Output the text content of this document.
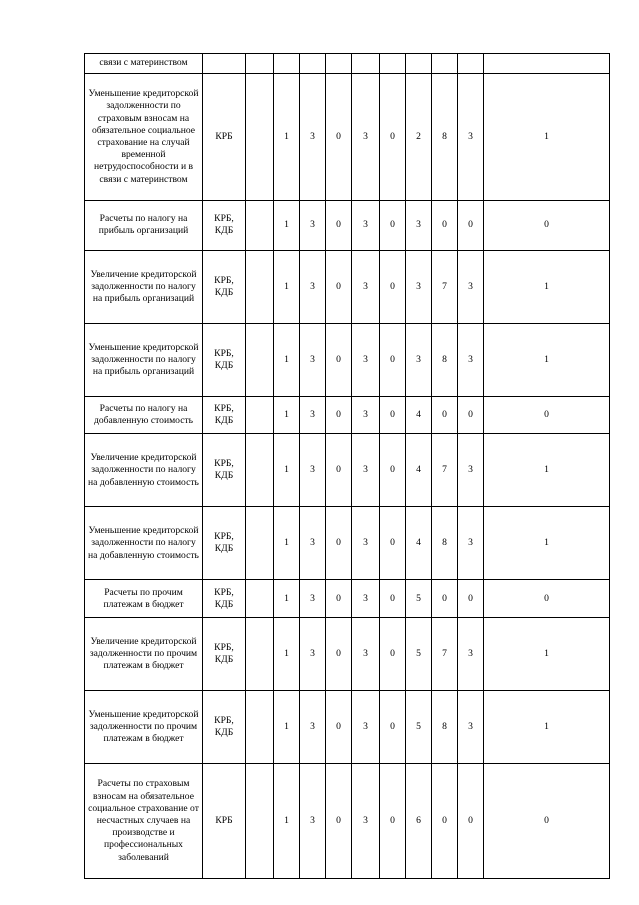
связи с материнством												
Уменьшение кредиторской задолженности по страховым взносам на обязательное социальное страхование на случай временной нетрудоспособности и в связи с материнством	КРБ		1	3	0	3	0	2	8	3	1	
Расчеты по налогу на прибыль организаций	КРБ, КДБ		1	3	0	3	0	3	0	0	0	
Увеличение кредиторской задолженности по налогу на прибыль организаций	КРБ, КДБ		1	3	0	3	0	3	7	3	1	
Уменьшение кредиторской задолженности по налогу на прибыль организаций	КРБ, КДБ		1	3	0	3	0	3	8	3	1	
Расчеты по налогу на добавленную стоимость	КРБ, КДБ		1	3	0	3	0	4	0	0	0	
Увеличение кредиторской задолженности по налогу на добавленную стоимость	КРБ, КДБ		1	3	0	3	0	4	7	3	1	
Уменьшение кредиторской задолженности по налогу на добавленную стоимость	КРБ, КДБ		1	3	0	3	0	4	8	3	1	
Расчеты по прочим платежам в бюджет	КРБ, КДБ		1	3	0	3	0	5	0	0	0	
Увеличение кредиторской задолженности по прочим платежам в бюджет	КРБ, КДБ		1	3	0	3	0	5	7	3	1	
Уменьшение кредиторской задолженности по прочим платежам в бюджет	КРБ, КДБ		1	3	0	3	0	5	8	3	1	
Расчеты по страховым взносам на обязательное социальное страхование от несчастных случаев на производстве и профессиональных заболеваний	КРБ		1	3	0	3	0	6	0	0	0	
